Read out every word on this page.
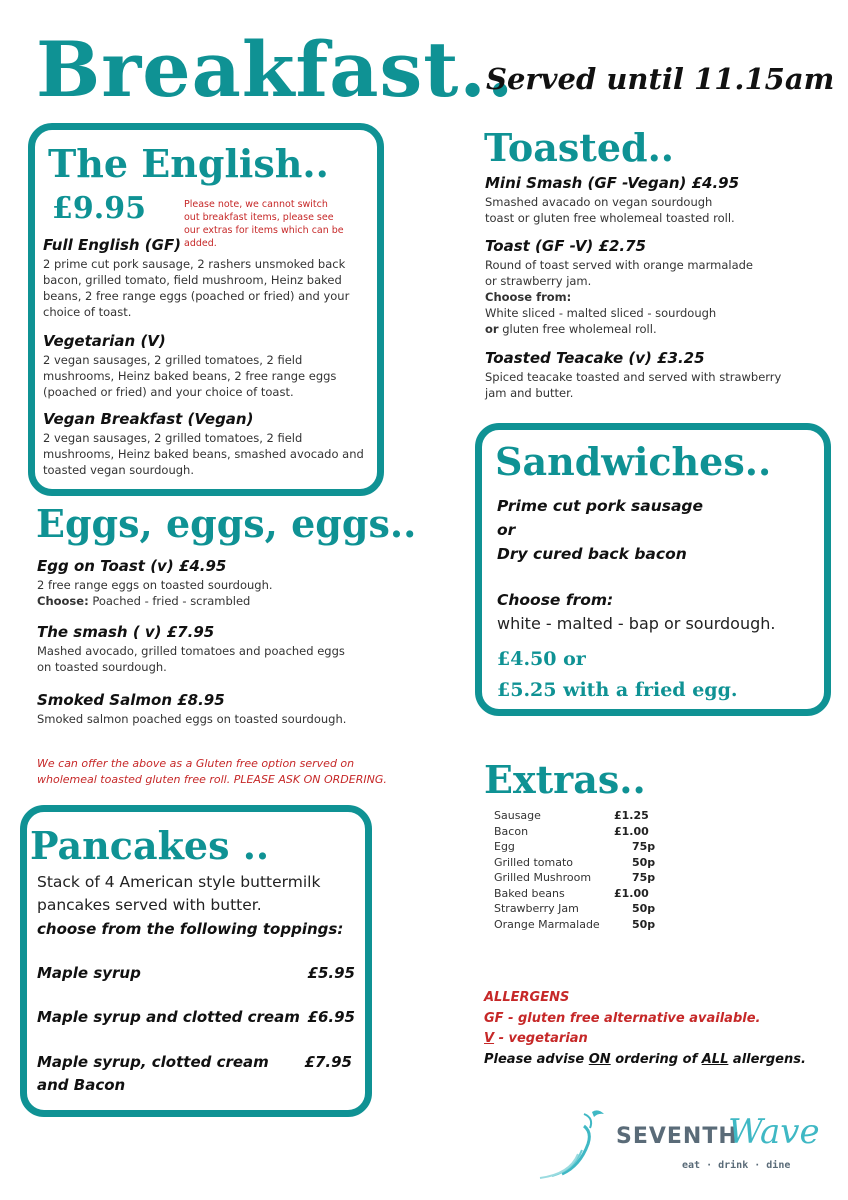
Breakfast..
Served until 11.15am
The English..
£9.95	Please note, we cannot switch out breakfast items, please see our extras for items which can be added.
Full English (GF)
2 prime cut pork sausage, 2 rashers unsmoked back bacon, grilled tomato, field mushroom, Heinz baked beans, 2 free range eggs (poached or fried) and your choice of toast.
Vegetarian (V)
2 vegan sausages, 2 grilled tomatoes, 2 field mushrooms, Heinz baked beans, 2 free range eggs (poached or fried) and your choice of toast.
Vegan Breakfast (Vegan)
2 vegan sausages, 2 grilled tomatoes, 2 field mushrooms, Heinz baked beans, smashed avocado and toasted vegan sourdough.
Eggs, eggs, eggs..
Egg on Toast (v) £4.95
2 free range eggs on toasted sourdough.
Choose: Poached - fried - scrambled
The smash ( v) £7.95
Mashed avocado, grilled tomatoes and poached eggs on toasted sourdough.
Smoked Salmon £8.95
Smoked salmon poached eggs on toasted sourdough.
We can offer the above as a Gluten free option served on wholemeal toasted gluten free roll. PLEASE ASK ON ORDERING.
Pancakes ..
Stack of 4 American style buttermilk pancakes served with butter.
choose from the following toppings:
Maple syrup	£5.95
Maple syrup and clotted cream £6.95
Maple syrup, clotted cream and Bacon
£7.95
Toasted..
Mini Smash (GF -Vegan) £4.95
Smashed avacado on vegan sourdough toast or gluten free wholemeal toasted roll.
Toast (GF -V) £2.75
Round of toast served with orange marmalade or strawberry jam.
Choose from:
White sliced - malted sliced - sourdough
or gluten free wholemeal roll.
Toasted Teacake (v) £3.25
Spiced teacake toasted and served with strawberry jam and butter.
Sandwiches..
Prime cut pork sausage
or
Dry cured back bacon
Choose from:
white - malted - bap or sourdough.
£4.50 or
£5.25 with a fried egg.
Extras..
Sausage	£1.25
Bacon	£1.00
Egg	75p
Grilled tomato	50p
Grilled Mushroom	75p
Baked beans	£1.00
Strawberry Jam	50p
Orange Marmalade	50p
ALLERGENS
GF - gluten free alternative available.
V - vegetarian
Please advise ON ordering of ALL allergens.
SEVENTH
Wave
eat · drink · dine
